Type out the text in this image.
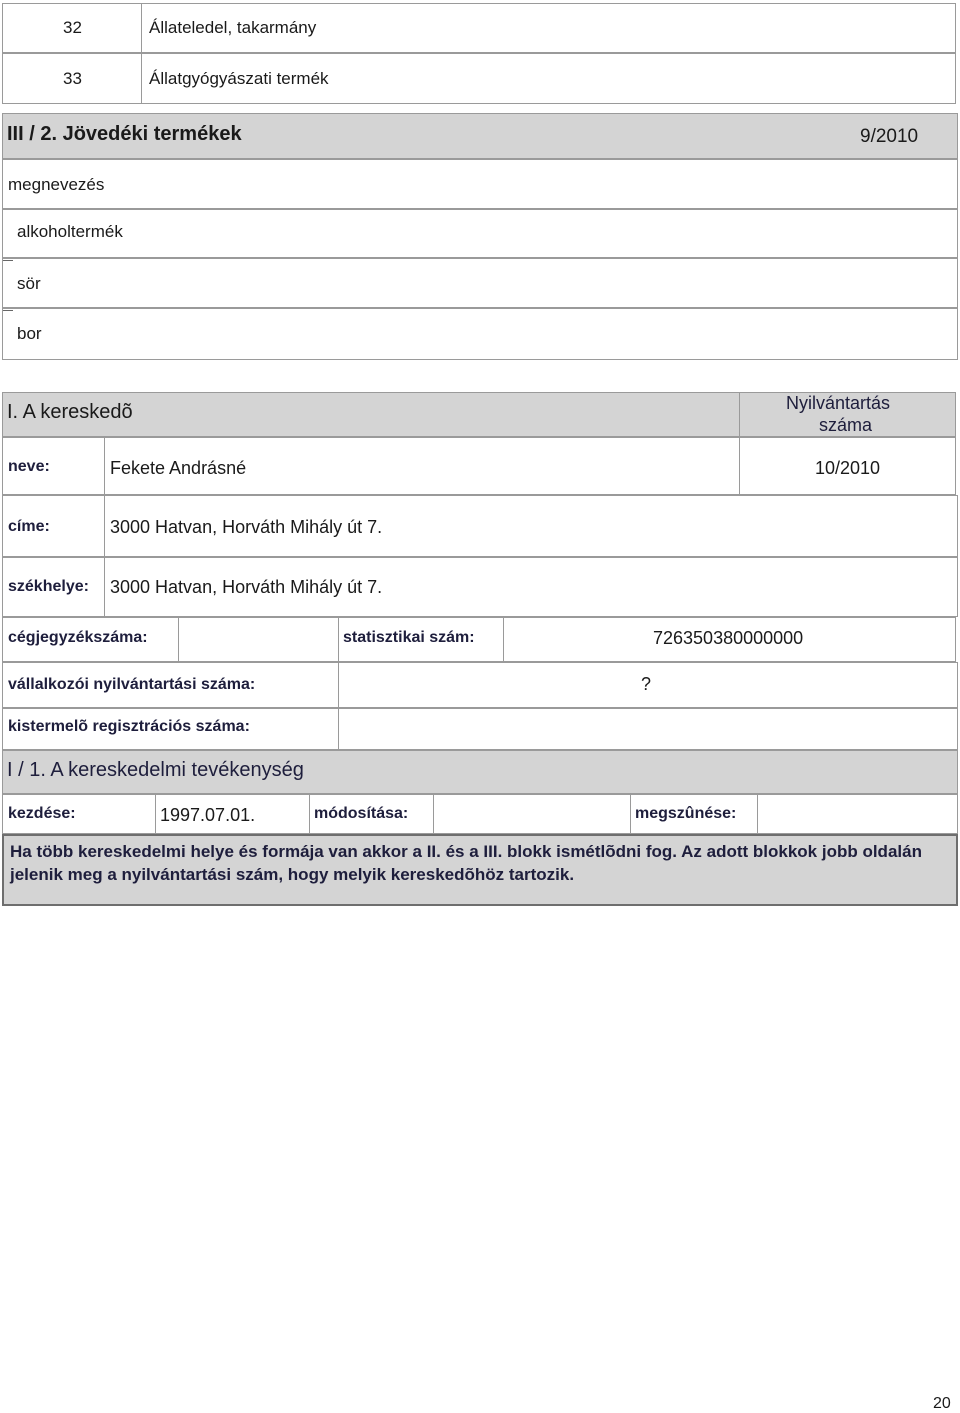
32	Állateledel, takarmány
33	Állatgyógyászati termék
III / 2. Jövedéki termékek	9/2010
megnevezés
alkoholtermék
sör
bor
I. A kereskedõ	Nyilvántartás
száma
neve:	Fekete Andrásné	10/2010
címe:	3000 Hatvan, Horváth Mihály út 7.
székhelye: 3000 Hatvan, Horváth Mihály út 7.
cégjegyzékszáma:	statisztikai szám:	726350380000000
vállalkozói nyilvántartási száma:	?
kistermelõ regisztrációs száma:
I / 1. A kereskedelmi tevékenység
kezdése:	1997.07.01.	módosítása:	megszûnése:
Ha több kereskedelmi helye és formája van akkor a II. és a III. blokk ismétlõdni fog. Az adott blokkok jobb oldalán jelenik meg a nyilvántartási szám, hogy melyik kereskedõhöz tartozik.
20
